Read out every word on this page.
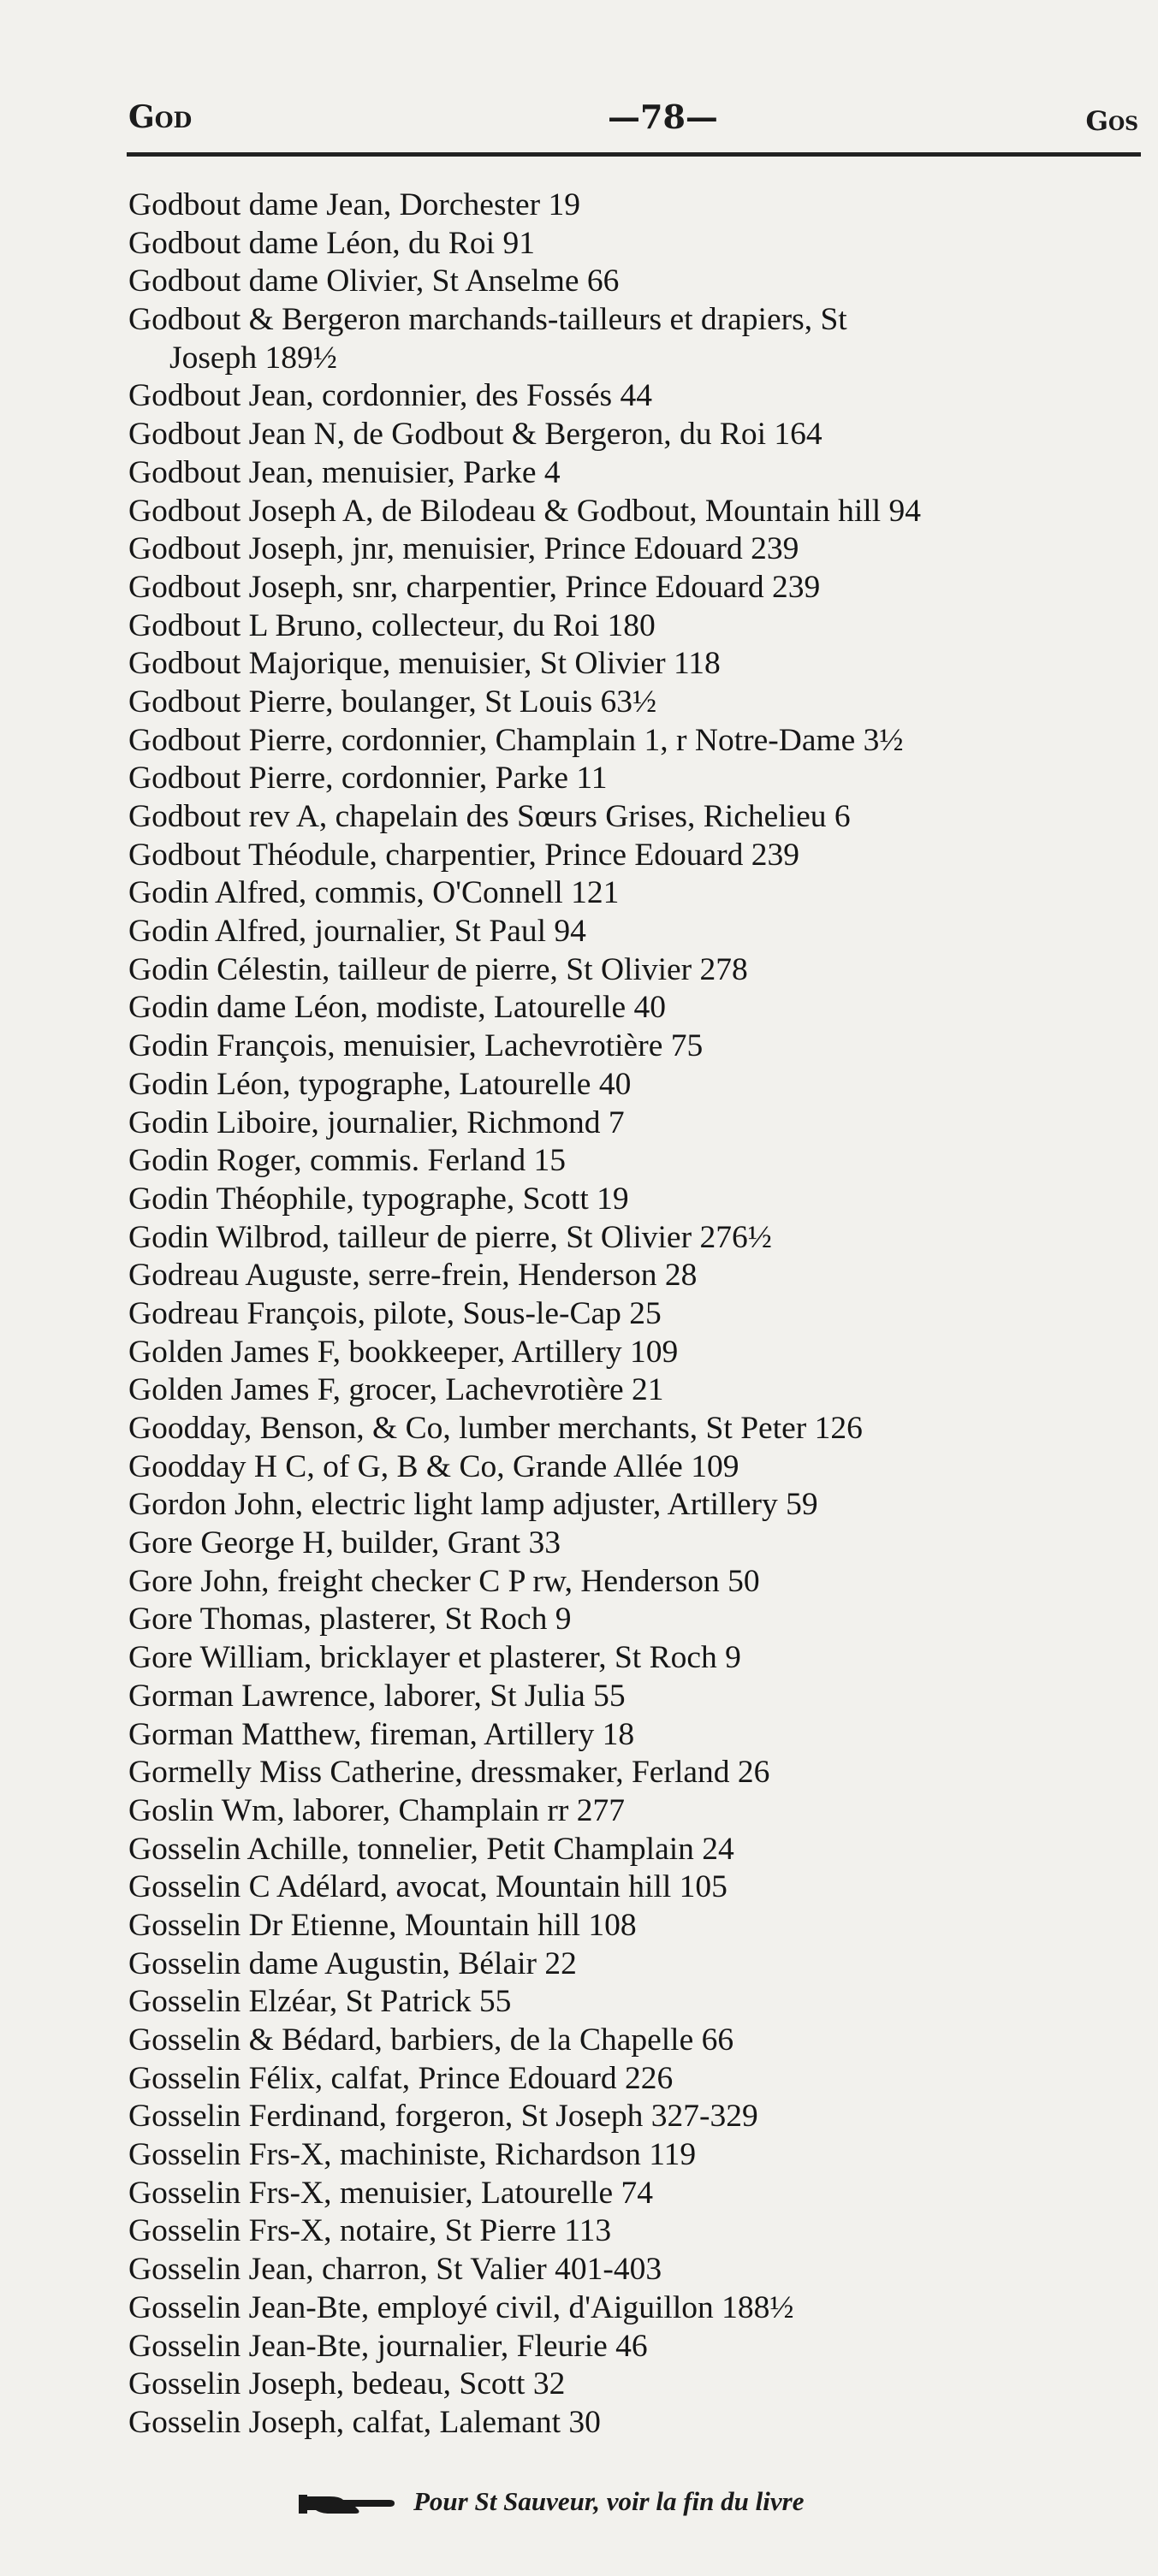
God	—78—	Gos
Godbout dame Jean, Dorchester 19
Godbout dame Léon, du Roi 91
Godbout dame Olivier, St Anselme 66
Godbout & Bergeron marchands-tailleurs et drapiers, St
Joseph 189½
Godbout Jean, cordonnier, des Fossés 44
Godbout Jean N, de Godbout & Bergeron, du Roi 164
Godbout Jean, menuisier, Parke 4
Godbout Joseph A, de Bilodeau & Godbout, Mountain hill 94
Godbout Joseph, jnr, menuisier, Prince Edouard 239
Godbout Joseph, snr, charpentier, Prince Edouard 239
Godbout L Bruno, collecteur, du Roi 180
Godbout Majorique, menuisier, St Olivier 118
Godbout Pierre, boulanger, St Louis 63½
Godbout Pierre, cordonnier, Champlain 1, r Notre-Dame 3½
Godbout Pierre, cordonnier, Parke 11
Godbout rev A, chapelain des Sœurs Grises, Richelieu 6
Godbout Théodule, charpentier, Prince Edouard 239
Godin Alfred, commis, O'Connell 121
Godin Alfred, journalier, St Paul 94
Godin Célestin, tailleur de pierre, St Olivier 278
Godin dame Léon, modiste, Latourelle 40
Godin François, menuisier, Lachevrotière 75
Godin Léon, typographe, Latourelle 40
Godin Liboire, journalier, Richmond 7
Godin Roger, commis. Ferland 15
Godin Théophile, typographe, Scott 19
Godin Wilbrod, tailleur de pierre, St Olivier 276½
Godreau Auguste, serre-frein, Henderson 28
Godreau François, pilote, Sous-le-Cap 25
Golden James F, bookkeeper, Artillery 109
Golden James F, grocer, Lachevrotière 21
Goodday, Benson, & Co, lumber merchants, St Peter 126
Goodday H C, of G, B & Co, Grande Allée 109
Gordon John, electric light lamp adjuster, Artillery 59
Gore George H, builder, Grant 33
Gore John, freight checker C P rw, Henderson 50
Gore Thomas, plasterer, St Roch 9
Gore William, bricklayer et plasterer, St Roch 9
Gorman Lawrence, laborer, St Julia 55
Gorman Matthew, fireman, Artillery 18
Gormelly Miss Catherine, dressmaker, Ferland 26
Goslin Wm, laborer, Champlain rr 277
Gosselin Achille, tonnelier, Petit Champlain 24
Gosselin C Adélard, avocat, Mountain hill 105
Gosselin Dr Etienne, Mountain hill 108
Gosselin dame Augustin, Bélair 22
Gosselin Elzéar, St Patrick 55
Gosselin & Bédard, barbiers, de la Chapelle 66
Gosselin Félix, calfat, Prince Edouard 226
Gosselin Ferdinand, forgeron, St Joseph 327-329
Gosselin Frs-X, machiniste, Richardson 119
Gosselin Frs-X, menuisier, Latourelle 74
Gosselin Frs-X, notaire, St Pierre 113
Gosselin Jean, charron, St Valier 401-403
Gosselin Jean-Bte, employé civil, d'Aiguillon 188½
Gosselin Jean-Bte, journalier, Fleurie 46
Gosselin Joseph, bedeau, Scott 32
Gosselin Joseph, calfat, Lalemant 30
Pour St Sauveur, voir la fin du livre
